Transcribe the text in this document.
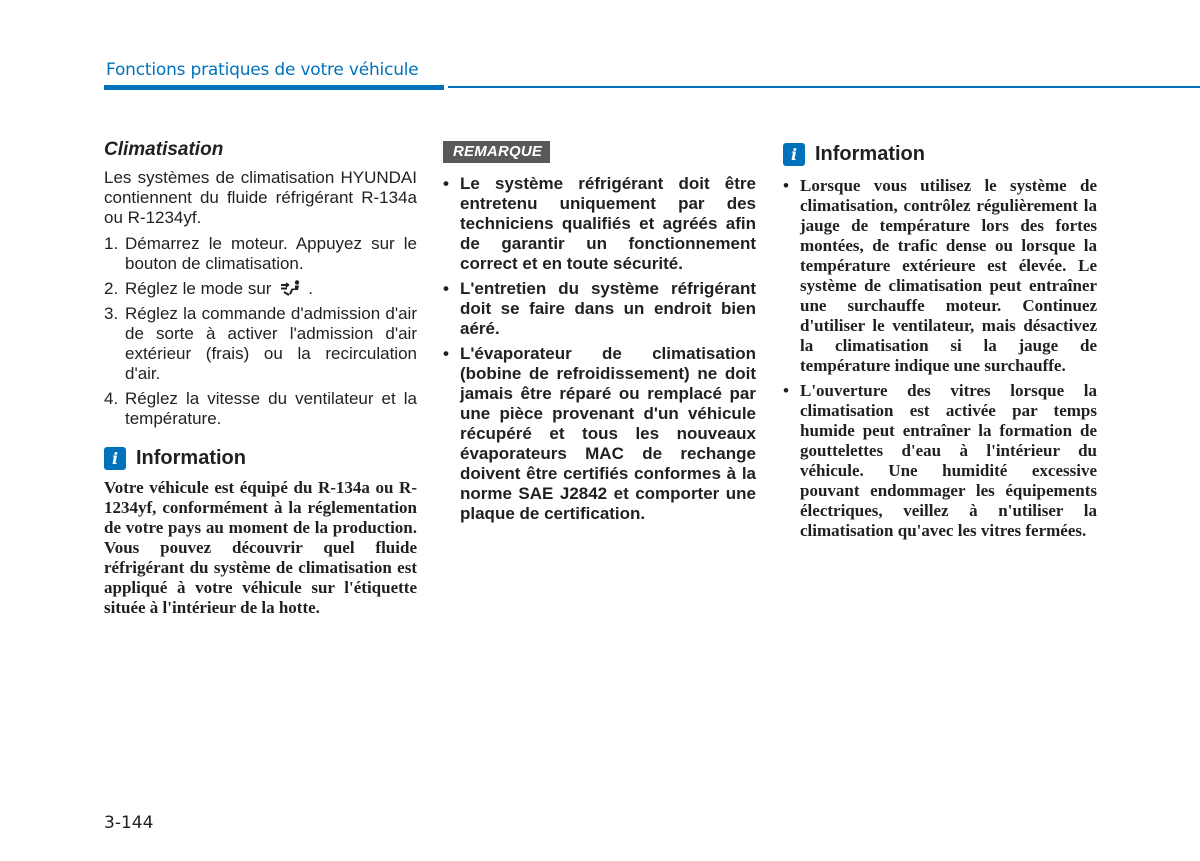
Fonctions pratiques de votre véhicule
Climatisation

Les systèmes de climatisation HYUNDAI contiennent du fluide réfrigérant R-134a ou R-1234yf.

1. Démarrez le moteur. Appuyez sur le bouton de climatisation.
2. Réglez le mode sur .
3. Réglez la commande d'admission d'air de sorte à activer l'admission d'air extérieur (frais) ou la recirculation d'air.
4. Réglez la vitesse du ventilateur et la température.
i Information

Votre véhicule est équipé du R-134a ou R-1234yf, conformément à la réglementation de votre pays au moment de la production. Vous pouvez découvrir quel fluide réfrigérant du système de climatisation est appliqué à votre véhicule sur l'étiquette située à l'intérieur de la hotte.

REMARQUE
• Le système réfrigérant doit être entretenu uniquement par des techniciens qualifiés et agréés afin de garantir un fonctionnement correct et en toute sécurité.
• L'entretien du système réfrigérant doit se faire dans un endroit bien aéré.
• L'évaporateur de climatisation (bobine de refroidissement) ne doit jamais être réparé ou remplacé par une pièce provenant d'un véhicule récupéré et tous les nouveaux évaporateurs MAC de rechange doivent être certifiés conformes à la norme SAE J2842 et comporter une plaque de certification.
i Information
• Lorsque vous utilisez le système de climatisation, contrôlez régulièrement la jauge de température lors des fortes montées, de trafic dense ou lorsque la température extérieure est élevée. Le système de climatisation peut entraîner une surchauffe moteur. Continuez d'utiliser le ventilateur, mais désactivez la climatisation si la jauge de température indique une surchauffe.
• L'ouverture des vitres lorsque la climatisation est activée par temps humide peut entraîner la formation de gouttelettes d'eau à l'intérieur du véhicule. Une humidité excessive pouvant endommager les équipements électriques, veillez à n'utiliser la climatisation qu'avec les vitres fermées.
3-144
